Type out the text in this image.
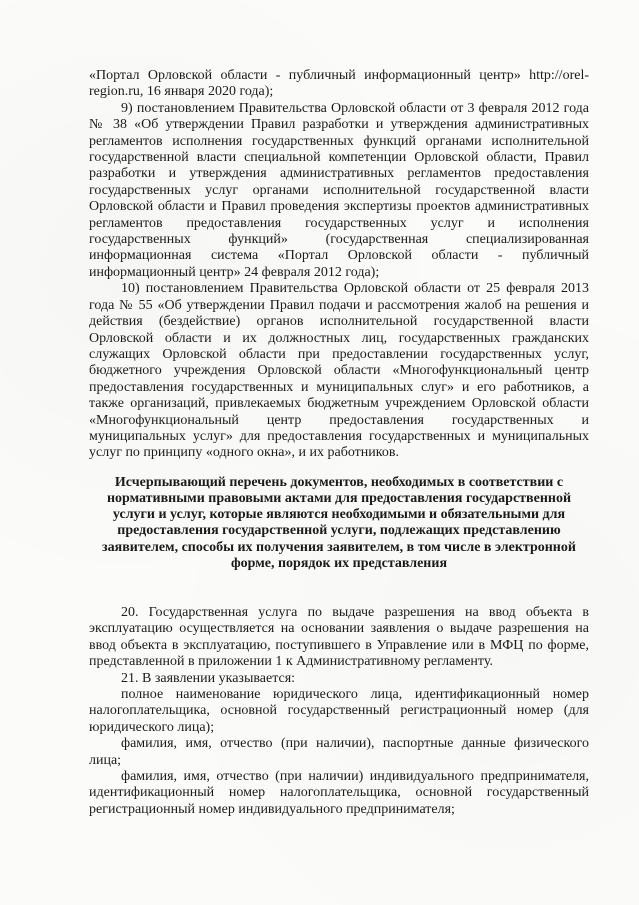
«Портал Орловской области - публичный информационный центр» http://orel-region.ru, 16 января 2020 года);

9) постановлением Правительства Орловской области от 3 февраля 2012 года № 38 «Об утверждении Правил разработки и утверждения административных регламентов исполнения государственных функций органами исполнительной государственной власти специальной компетенции Орловской области, Правил разработки и утверждения административных регламентов предоставления государственных услуг органами исполнительной государственной власти Орловской области и Правил проведения экспертизы проектов административных регламентов предоставления государственных услуг и исполнения государственных функций» (государственная специализированная информационная система «Портал Орловской области - публичный информационный центр» 24 февраля 2012 года);

10) постановлением Правительства Орловской области от 25 февраля 2013 года № 55 «Об утверждении Правил подачи и рассмотрения жалоб на решения и действия (бездействие) органов исполнительной государственной власти Орловской области и их должностных лиц, государственных гражданских служащих Орловской области при предоставлении государственных услуг, бюджетного учреждения Орловской области «Многофункциональный центр предоставления государственных и муниципальных слуг» и его работников, а также организаций, привлекаемых бюджетным учреждением Орловской области «Многофункциональный центр предоставления государственных и муниципальных услуг» для предоставления государственных и муниципальных услуг по принципу «одного окна», и их работников.

Исчерпывающий перечень документов, необходимых в соответствии с нормативными правовыми актами для предоставления государственной услуги и услуг, которые являются необходимыми и обязательными для предоставления государственной услуги, подлежащих представлению заявителем, способы их получения заявителем, в том числе в электронной форме, порядок их представления

20. Государственная услуга по выдаче разрешения на ввод объекта в эксплуатацию осуществляется на основании заявления о выдаче разрешения на ввод объекта в эксплуатацию, поступившего в Управление или в МФЦ по форме, представленной в приложении 1 к Административному регламенту.

21. В заявлении указывается:

полное наименование юридического лица, идентификационный номер налогоплательщика, основной государственный регистрационный номер (для юридического лица);

фамилия, имя, отчество (при наличии), паспортные данные физического лица;

фамилия, имя, отчество (при наличии) индивидуального предпринимателя, идентификационный номер налогоплательщика, основной государственный регистрационный номер индивидуального предпринимателя;
